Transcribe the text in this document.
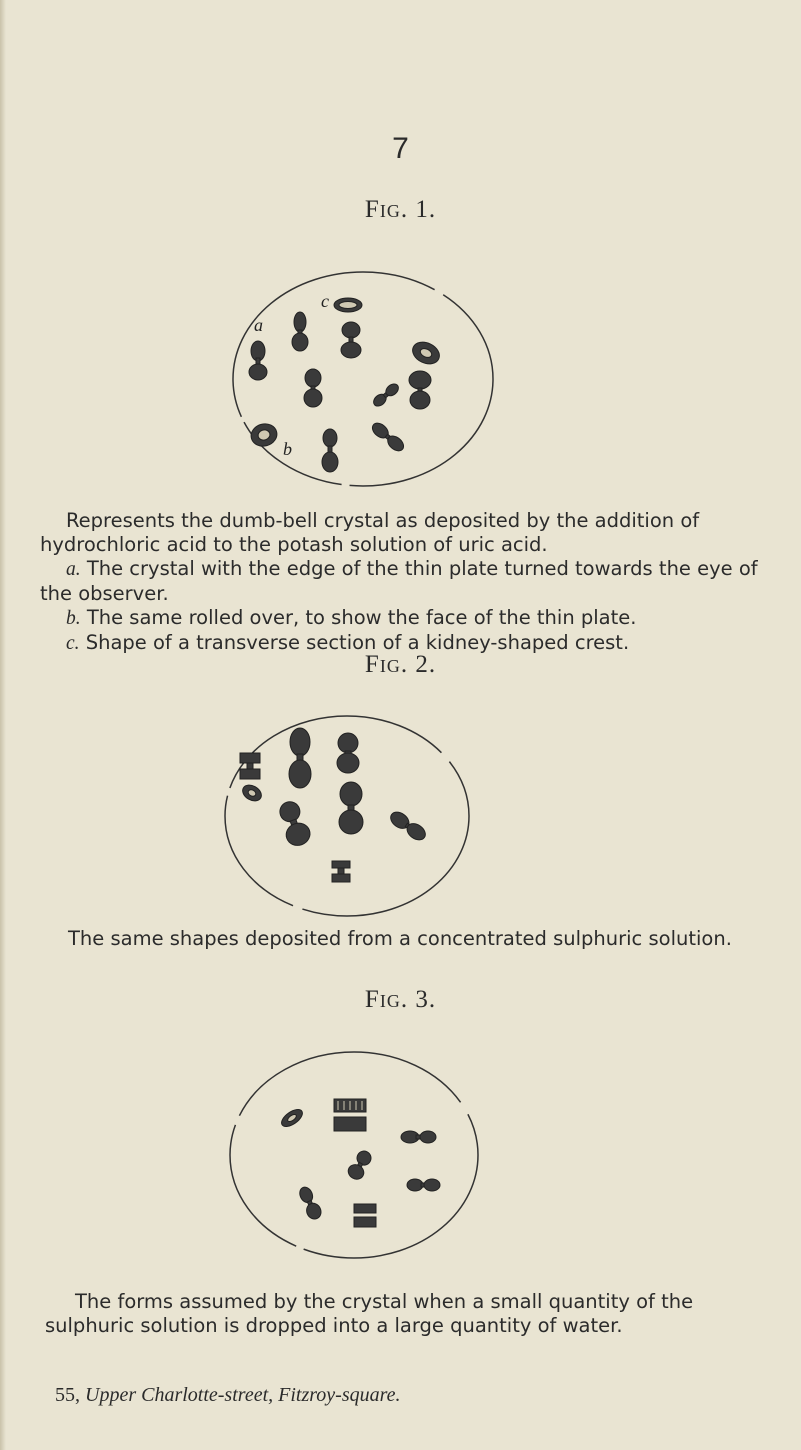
7
Fig. 1.
c
a
b

Represents the dumb-bell crystal as deposited by the addition of hydrochloric acid to the potash solution of uric acid.

a. The crystal with the edge of the thin plate turned towards the eye of the observer.

b. The same rolled over, to show the face of the thin plate.

c. Shape of a transverse section of a kidney-shaped crest.

Fig. 2.

The same shapes deposited from a concentrated sulphuric solution.

Fig. 3.

The forms assumed by the crystal when a small quantity of the sulphuric solution is dropped into a large quantity of water.

55, Upper Charlotte-street, Fitzroy-square.
